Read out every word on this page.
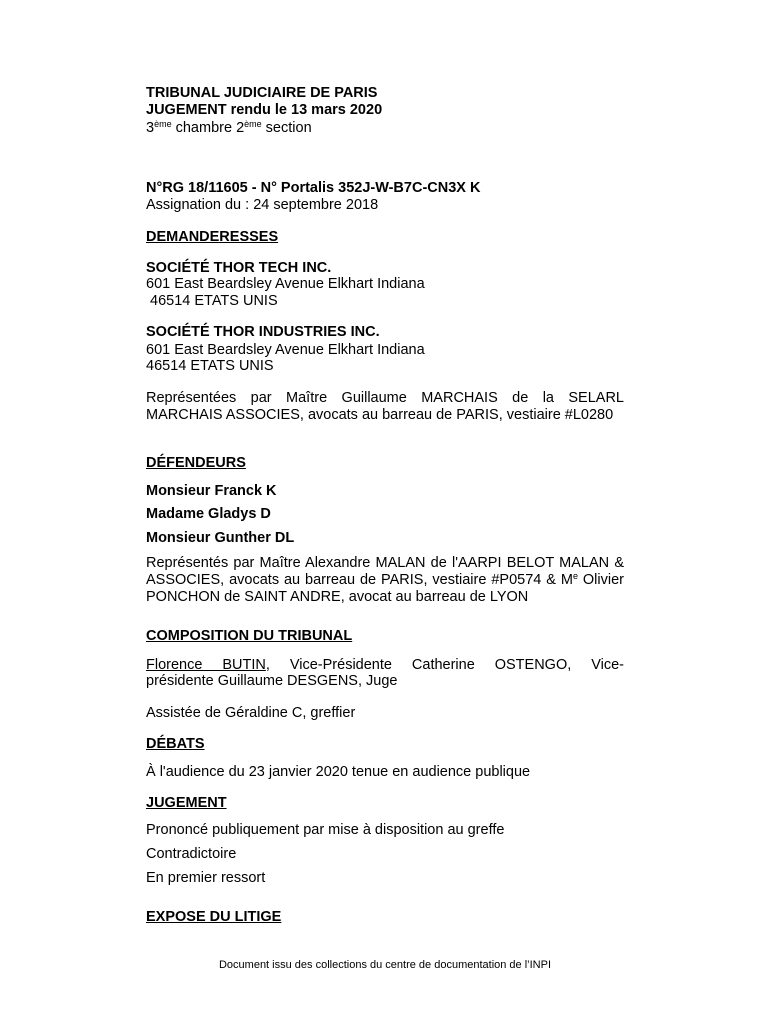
TRIBUNAL JUDICIAIRE DE PARIS
JUGEMENT rendu le 13 mars 2020
3ème chambre 2ème section
N°RG 18/11605 - N° Portalis 352J-W-B7C-CN3X K
Assignation du : 24 septembre 2018
DEMANDERESSES
SOCIÉTÉ THOR TECH INC.
601 East Beardsley Avenue Elkhart Indiana
46514 ETATS UNIS
SOCIÉTÉ THOR INDUSTRIES INC.
601 East Beardsley Avenue Elkhart Indiana
46514 ETATS UNIS
Représentées par Maître Guillaume MARCHAIS de la SELARL MARCHAIS ASSOCIES, avocats au barreau de PARIS, vestiaire #L0280
DÉFENDEURS
Monsieur Franck K
Madame Gladys D
Monsieur Gunther DL
Représentés par Maître Alexandre MALAN de l'AARPI BELOT MALAN & ASSOCIES, avocats au barreau de PARIS, vestiaire #P0574 & Me Olivier PONCHON de SAINT ANDRE, avocat au barreau de LYON
COMPOSITION DU TRIBUNAL
Florence BUTIN, Vice-Présidente Catherine OSTENGO, Vice-
présidente Guillaume DESGENS, Juge
Assistée de Géraldine C, greffier
DÉBATS
À l'audience du 23 janvier 2020 tenue en audience publique
JUGEMENT
Prononcé publiquement par mise à disposition au greffe
Contradictoire
En premier ressort
EXPOSE DU LITIGE
Document issu des collections du centre de documentation de l’INPI
